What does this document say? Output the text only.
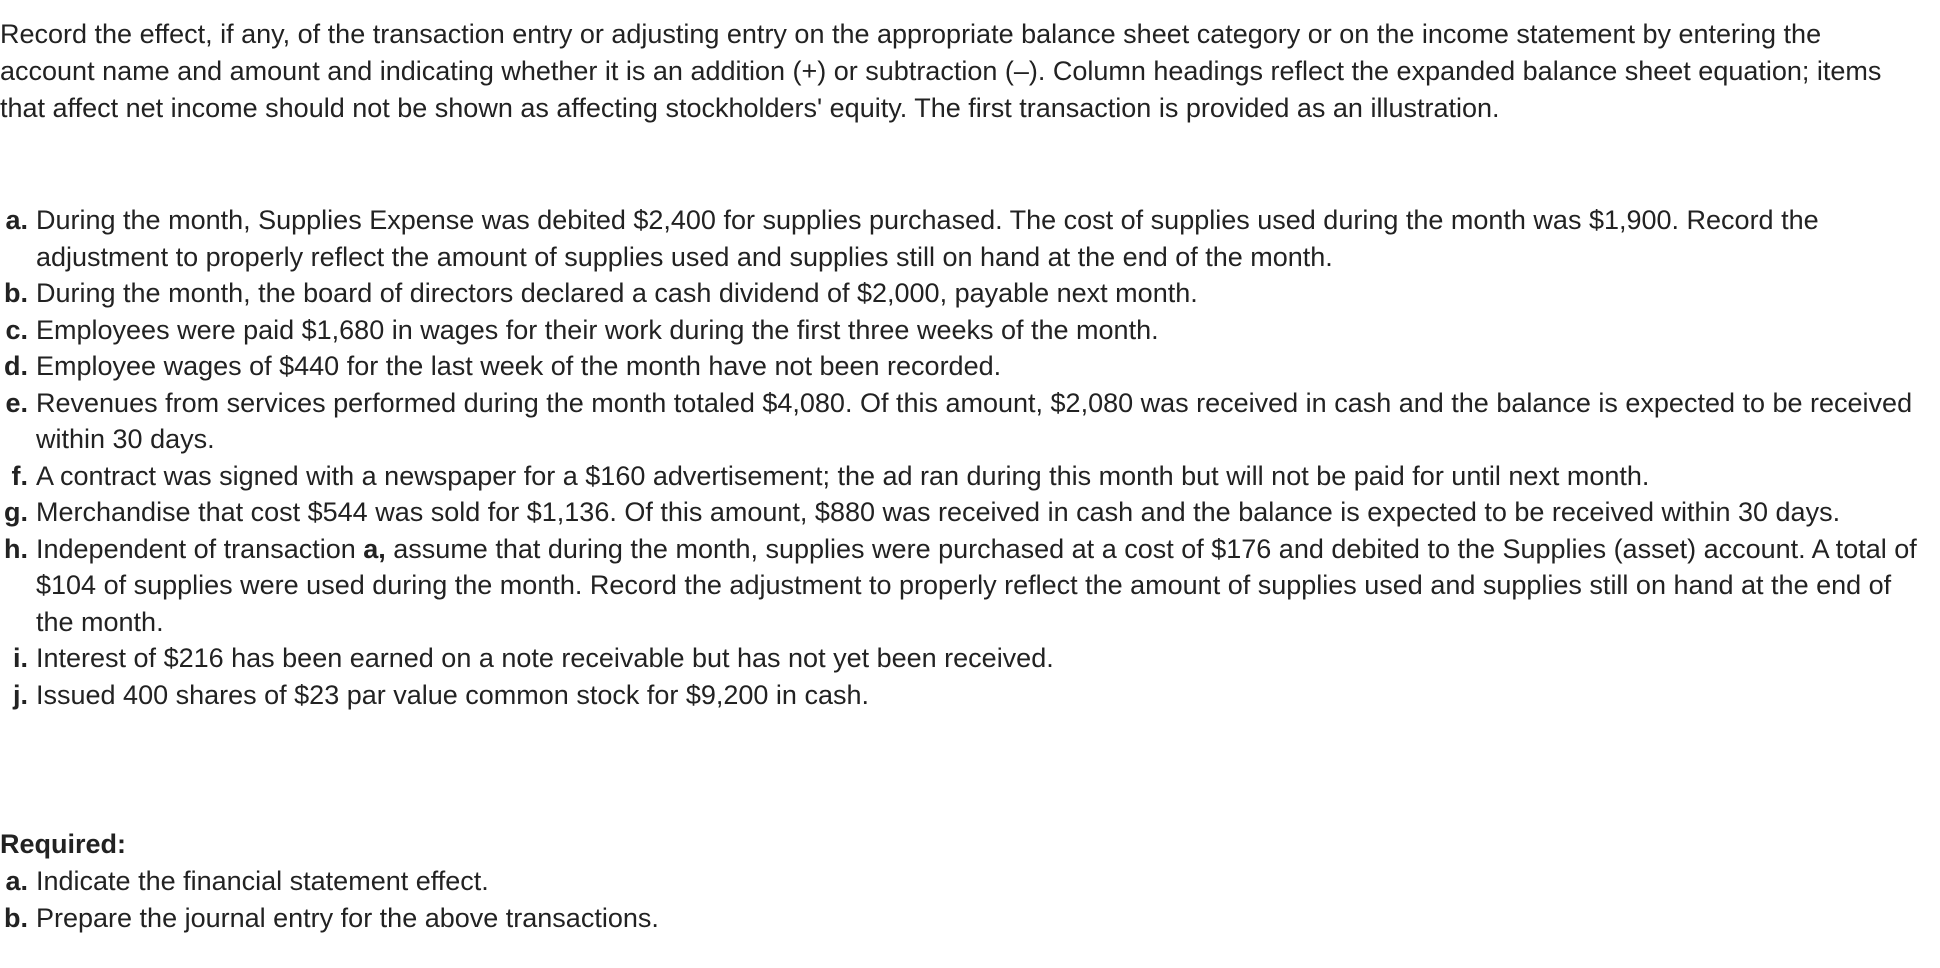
Record the effect, if any, of the transaction entry or adjusting entry on the appropriate balance sheet category or on the income statement by entering the account name and amount and indicating whether it is an addition (+) or subtraction (–). Column headings reflect the expanded balance sheet equation; items that affect net income should not be shown as affecting stockholders' equity. The first transaction is provided as an illustration.

a. During the month, Supplies Expense was debited $2,400 for supplies purchased. The cost of supplies used during the month was $1,900. Record the adjustment to properly reflect the amount of supplies used and supplies still on hand at the end of the month.
b. During the month, the board of directors declared a cash dividend of $2,000, payable next month.
c. Employees were paid $1,680 in wages for their work during the first three weeks of the month.
d. Employee wages of $440 for the last week of the month have not been recorded.
e. Revenues from services performed during the month totaled $4,080. Of this amount, $2,080 was received in cash and the balance is expected to be received within 30 days.
f. A contract was signed with a newspaper for a $160 advertisement; the ad ran during this month but will not be paid for until next month.
g. Merchandise that cost $544 was sold for $1,136. Of this amount, $880 was received in cash and the balance is expected to be received within 30 days.
h. Independent of transaction a, assume that during the month, supplies were purchased at a cost of $176 and debited to the Supplies (asset) account. A total of $104 of supplies were used during the month. Record the adjustment to properly reflect the amount of supplies used and supplies still on hand at the end of the month.
i. Interest of $216 has been earned on a note receivable but has not yet been received.
j. Issued 400 shares of $23 par value common stock for $9,200 in cash.

Required:

a. Indicate the financial statement effect.
b. Prepare the journal entry for the above transactions.
